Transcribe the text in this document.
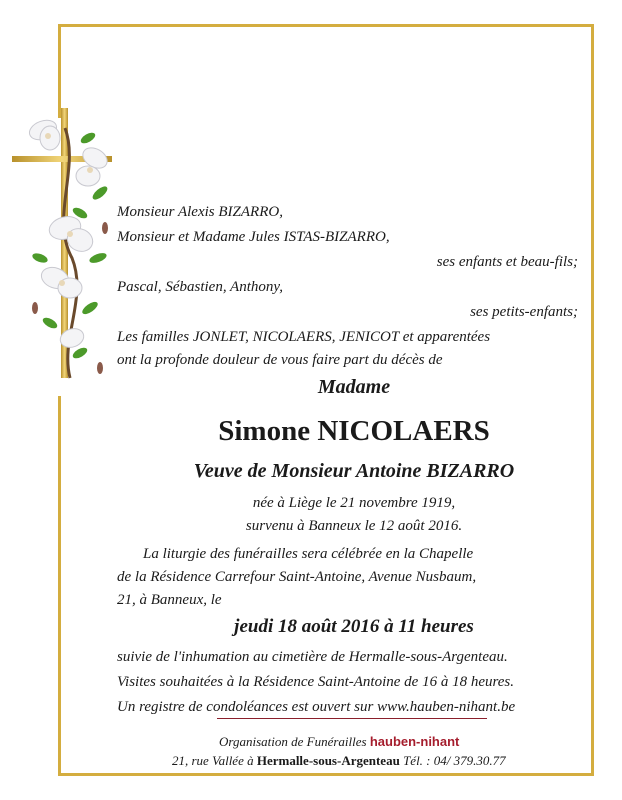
Monsieur Alexis BIZARRO,
Monsieur et Madame Jules ISTAS-BIZARRO,
ses enfants et beau-fils;
Pascal, Sébastien, Anthony,
ses petits-enfants;
Les familles JONLET, NICOLAERS, JENICOT et apparentées
ont la profonde douleur de vous faire part du décès de
Madame
Simone NICOLAERS
Veuve de Monsieur Antoine BIZARRO
née à Liège le 21 novembre 1919,
survenu à Banneux le 12 août 2016.
La liturgie des funérailles sera célébrée en la Chapelle
de la Résidence Carrefour Saint-Antoine, Avenue Nusbaum,
21, à Banneux, le
jeudi 18 août 2016 à 11 heures
suivie de l'inhumation au cimetière de Hermalle-sous-Argenteau.
Visites souhaitées à la Résidence Saint-Antoine de 16 à 18 heures.
Un registre de condoléances est ouvert sur www.hauben-nihant.be
Organisation de Funérailles hauben-nihant
21, rue Vallée à Hermalle-sous-Argenteau Tél. : 04/ 379.30.77
